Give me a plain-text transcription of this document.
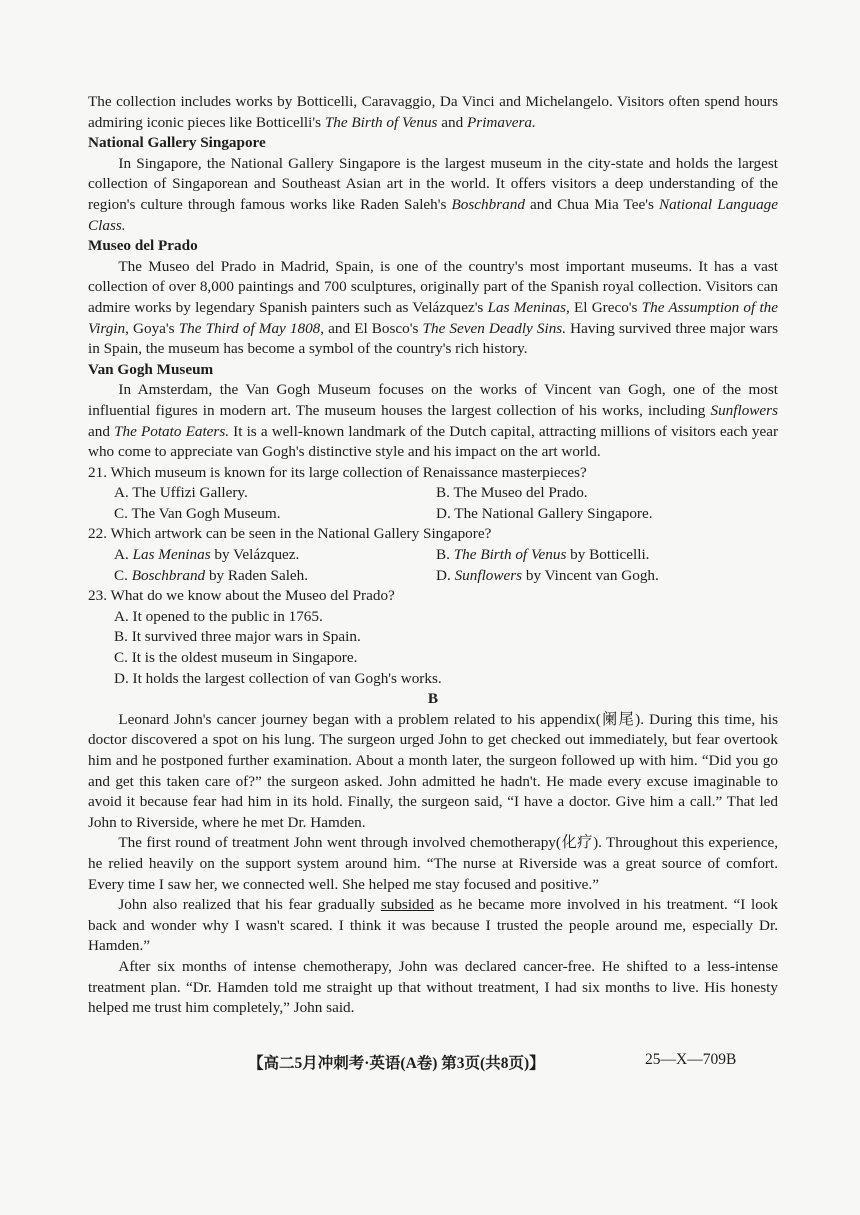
The collection includes works by Botticelli, Caravaggio, Da Vinci and Michelangelo. Visitors often spend hours admiring iconic pieces like Botticelli's The Birth of Venus and Primavera.

National Gallery Singapore

In Singapore, the National Gallery Singapore is the largest museum in the city-state and holds the largest collection of Singaporean and Southeast Asian art in the world. It offers visitors a deep understanding of the region's culture through famous works like Raden Saleh's Boschbrand and Chua Mia Tee's National Language Class.

Museo del Prado

The Museo del Prado in Madrid, Spain, is one of the country's most important museums. It has a vast collection of over 8,000 paintings and 700 sculptures, originally part of the Spanish royal collection. Visitors can admire works by legendary Spanish painters such as Velázquez's Las Meninas, El Greco's The Assumption of the Virgin, Goya's The Third of May 1808, and El Bosco's The Seven Deadly Sins. Having survived three major wars in Spain, the museum has become a symbol of the country's rich history.

Van Gogh Museum

In Amsterdam, the Van Gogh Museum focuses on the works of Vincent van Gogh, one of the most influential figures in modern art. The museum houses the largest collection of his works, including Sunflowers and The Potato Eaters. It is a well-known landmark of the Dutch capital, attracting millions of visitors each year who come to appreciate van Gogh's distinctive style and his impact on the art world.

21. Which museum is known for its large collection of Renaissance masterpieces?
A. The Uffizi Gallery.	B. The Museo del Prado.
C. The Van Gogh Museum.	D. The National Gallery Singapore.
22. Which artwork can be seen in the National Gallery Singapore?
A. Las Meninas by Velázquez.	B. The Birth of Venus by Botticelli.
C. Boschbrand by Raden Saleh.	D. Sunflowers by Vincent van Gogh.
23. What do we know about the Museo del Prado?
A. It opened to the public in 1765.
B. It survived three major wars in Spain.
C. It is the oldest museum in Singapore.
D. It holds the largest collection of van Gogh's works.
B

Leonard John's cancer journey began with a problem related to his appendix(阑尾). During this time, his doctor discovered a spot on his lung. The surgeon urged John to get checked out immediately, but fear overtook him and he postponed further examination. About a month later, the surgeon followed up with him. “Did you go and get this taken care of?” the surgeon asked. John admitted he hadn't. He made every excuse imaginable to avoid it because fear had him in its hold. Finally, the surgeon said, “I have a doctor. Give him a call.” That led John to Riverside, where he met Dr. Hamden.

The first round of treatment John went through involved chemotherapy(化疗). Throughout this experience, he relied heavily on the support system around him. “The nurse at Riverside was a great source of comfort. Every time I saw her, we connected well. She helped me stay focused and positive.”

John also realized that his fear gradually subsided as he became more involved in his treatment. “I look back and wonder why I wasn't scared. I think it was because I trusted the people around me, especially Dr. Hamden.”

After six months of intense chemotherapy, John was declared cancer-free. He shifted to a less-intense treatment plan. “Dr. Hamden told me straight up that without treatment, I had six months to live. His honesty helped me trust him completely,” John said.

【高二5月冲刺考·英语(A卷) 第3页(共8页)】	25—X—709B
